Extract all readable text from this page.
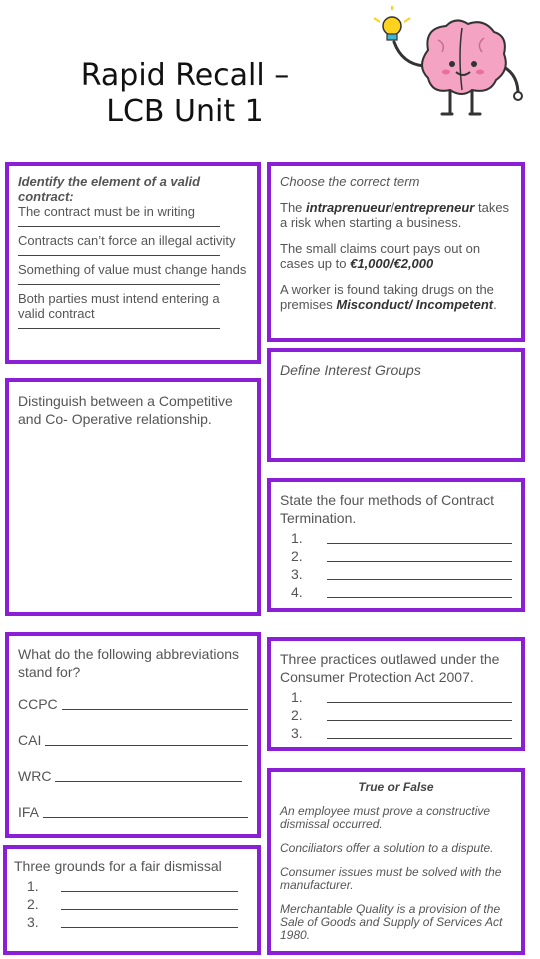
Rapid Recall –
LCB Unit 1

Identify the element of a valid contract:

The contract must be in writing

Contracts can’t force an illegal activity

Something of value must change hands

Both parties must intend entering a valid contract

Choose the correct term

The intraprenueur/entrepreneur takes a risk when starting a business.

The small claims court pays out on cases up to €1,000/€2,000

A worker is found taking drugs on the premises Misconduct/ Incompetent.

Define Interest Groups

Distinguish between a Competitive and Co- Operative relationship.

State the four methods of Contract Termination.

1.
2.
3.
4.

What do the following abbreviations stand for?

CCPC
CAI
WRC
IFA

Three practices outlawed under the Consumer Protection Act 2007.

1.
2.
3.

Three grounds for a fair dismissal

1.
2.
3.

True or False

An employee must prove a constructive dismissal occurred.

Conciliators offer a solution to a dispute.

Consumer issues must be solved with the manufacturer.

Merchantable Quality is a provision of the Sale of Goods and Supply of Services Act 1980.
